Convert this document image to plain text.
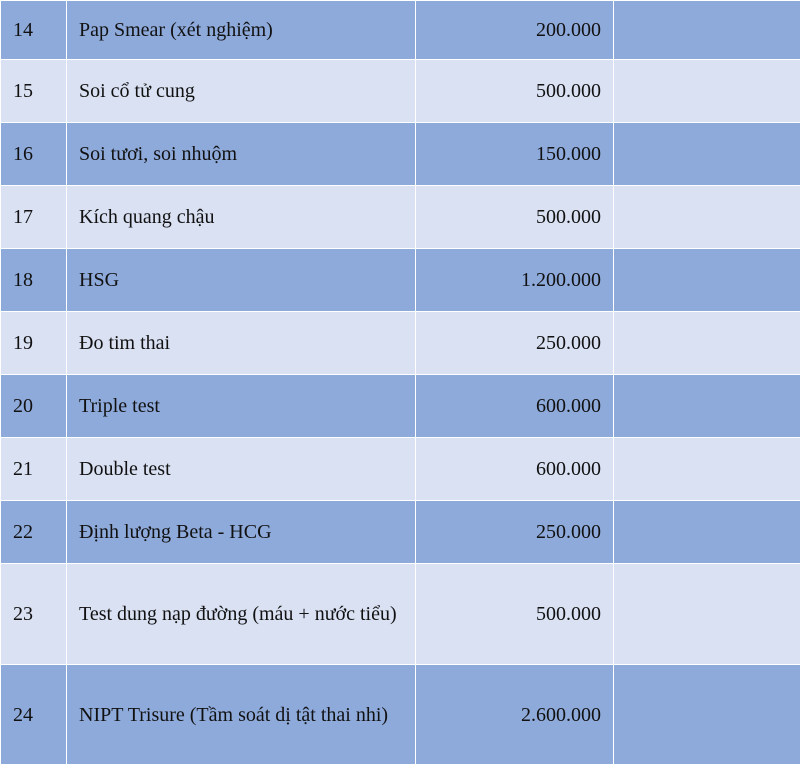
14	Pap Smear (xét nghiệm)	200.000	
15	Soi cổ tử cung	500.000	
16	Soi tươi, soi nhuộm	150.000	
17	Kích quang chậu	500.000	
18	HSG	1.200.000	
19	Đo tim thai	250.000	
20	Triple test	600.000	
21	Double test	600.000	
22	Định lượng Beta - HCG	250.000	
23	Test dung nạp đường (máu + nước tiểu)	500.000	
24	NIPT Trisure (Tầm soát dị tật thai nhi)	2.600.000	
